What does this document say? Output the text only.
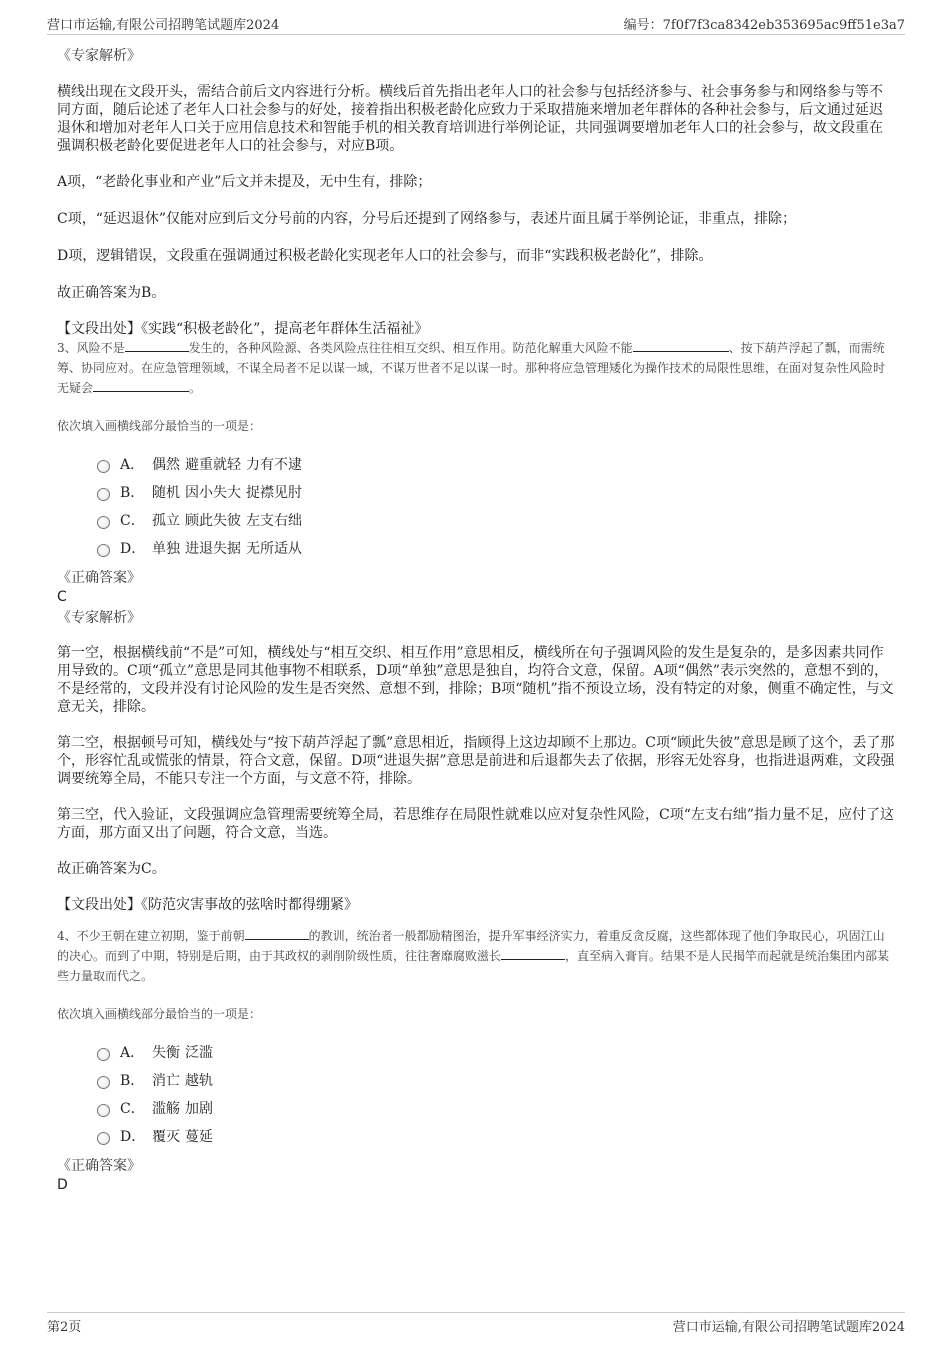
营口市运输,有限公司招聘笔试题库2024	编号：7f0f7f3ca8342eb353695ac9ff51e3a7

《专家解析》

横线出现在文段开头，需结合前后文内容进行分析。横线后首先指出老年人口的社会参与包括经济参与、社会事务参与和网络参与等不同方面，随后论述了老年人口社会参与的好处，接着指出积极老龄化应致力于采取措施来增加老年群体的各种社会参与，后文通过延迟退休和增加对老年人口关于应用信息技术和智能手机的相关教育培训进行举例论证，共同强调要增加老年人口的社会参与，故文段重在强调积极老龄化要促进老年人口的社会参与，对应B项。

A项，“老龄化事业和产业”后文并未提及，无中生有，排除；

C项，“延迟退休”仅能对应到后文分号前的内容，分号后还提到了网络参与，表述片面且属于举例论证，非重点，排除；

D项，逻辑错误，文段重在强调通过积极老龄化实现老年人口的社会参与，而非“实践积极老龄化”，排除。

故正确答案为B。

【文段出处】《实践“积极老龄化”，提高老年群体生活福祉》

3、风险不是	发生的，各种风险源、各类风险点往往相互交织、相互作用。防范化解重大风险不能	、按下葫芦浮起了瓢，而需统筹、协同应对。在应急管理领域，不谋全局者不足以谋一域，不谋万世者不足以谋一时。那种将应急管理矮化为操作技术的局限性思维，在面对复杂性风险时无疑会	。

依次填入画横线部分最恰当的一项是：

A． 偶然 避重就轻 力有不逮
B． 随机 因小失大 捉襟见肘
C． 孤立 顾此失彼 左支右绌
D． 单独 进退失据 无所适从

《正确答案》

C

《专家解析》

第一空，根据横线前“不是”可知，横线处与“相互交织、相互作用”意思相反，横线所在句子强调风险的发生是复杂的，是多因素共同作用导致的。C项“孤立”意思是同其他事物不相联系，D项“单独”意思是独自，均符合文意，保留。A项“偶然”表示突然的，意想不到的，不是经常的，文段并没有讨论风险的发生是否突然、意想不到，排除；B项“随机”指不预设立场，没有特定的对象，侧重不确定性，与文意无关，排除。

第二空，根据顿号可知，横线处与“按下葫芦浮起了瓢”意思相近，指顾得上这边却顾不上那边。C项“顾此失彼”意思是顾了这个，丢了那个，形容忙乱或慌张的情景，符合文意，保留。D项“进退失据”意思是前进和后退都失去了依据，形容无处容身，也指进退两难，文段强调要统筹全局，不能只专注一个方面，与文意不符，排除。

第三空，代入验证，文段强调应急管理需要统筹全局，若思维存在局限性就难以应对复杂性风险，C项“左支右绌”指力量不足，应付了这方面，那方面又出了问题，符合文意，当选。

故正确答案为C。

【文段出处】《防范灾害事故的弦啥时都得绷紧》

4、不少王朝在建立初期，鉴于前朝	的教训，统治者一般都励精图治，提升军事经济实力，着重反贪反腐，这些都体现了他们争取民心，巩固江山的决心。而到了中期，特别是后期，由于其政权的剥削阶级性质，往往奢靡腐败滋长	，直至病入膏肓。结果不是人民揭竿而起就是统治集团内部某些力量取而代之。

依次填入画横线部分最恰当的一项是：

A． 失衡 泛滥
B． 消亡 越轨
C． 滥觞 加剧
D． 覆灭 蔓延

《正确答案》

D

第2页	营口市运输,有限公司招聘笔试题库2024
